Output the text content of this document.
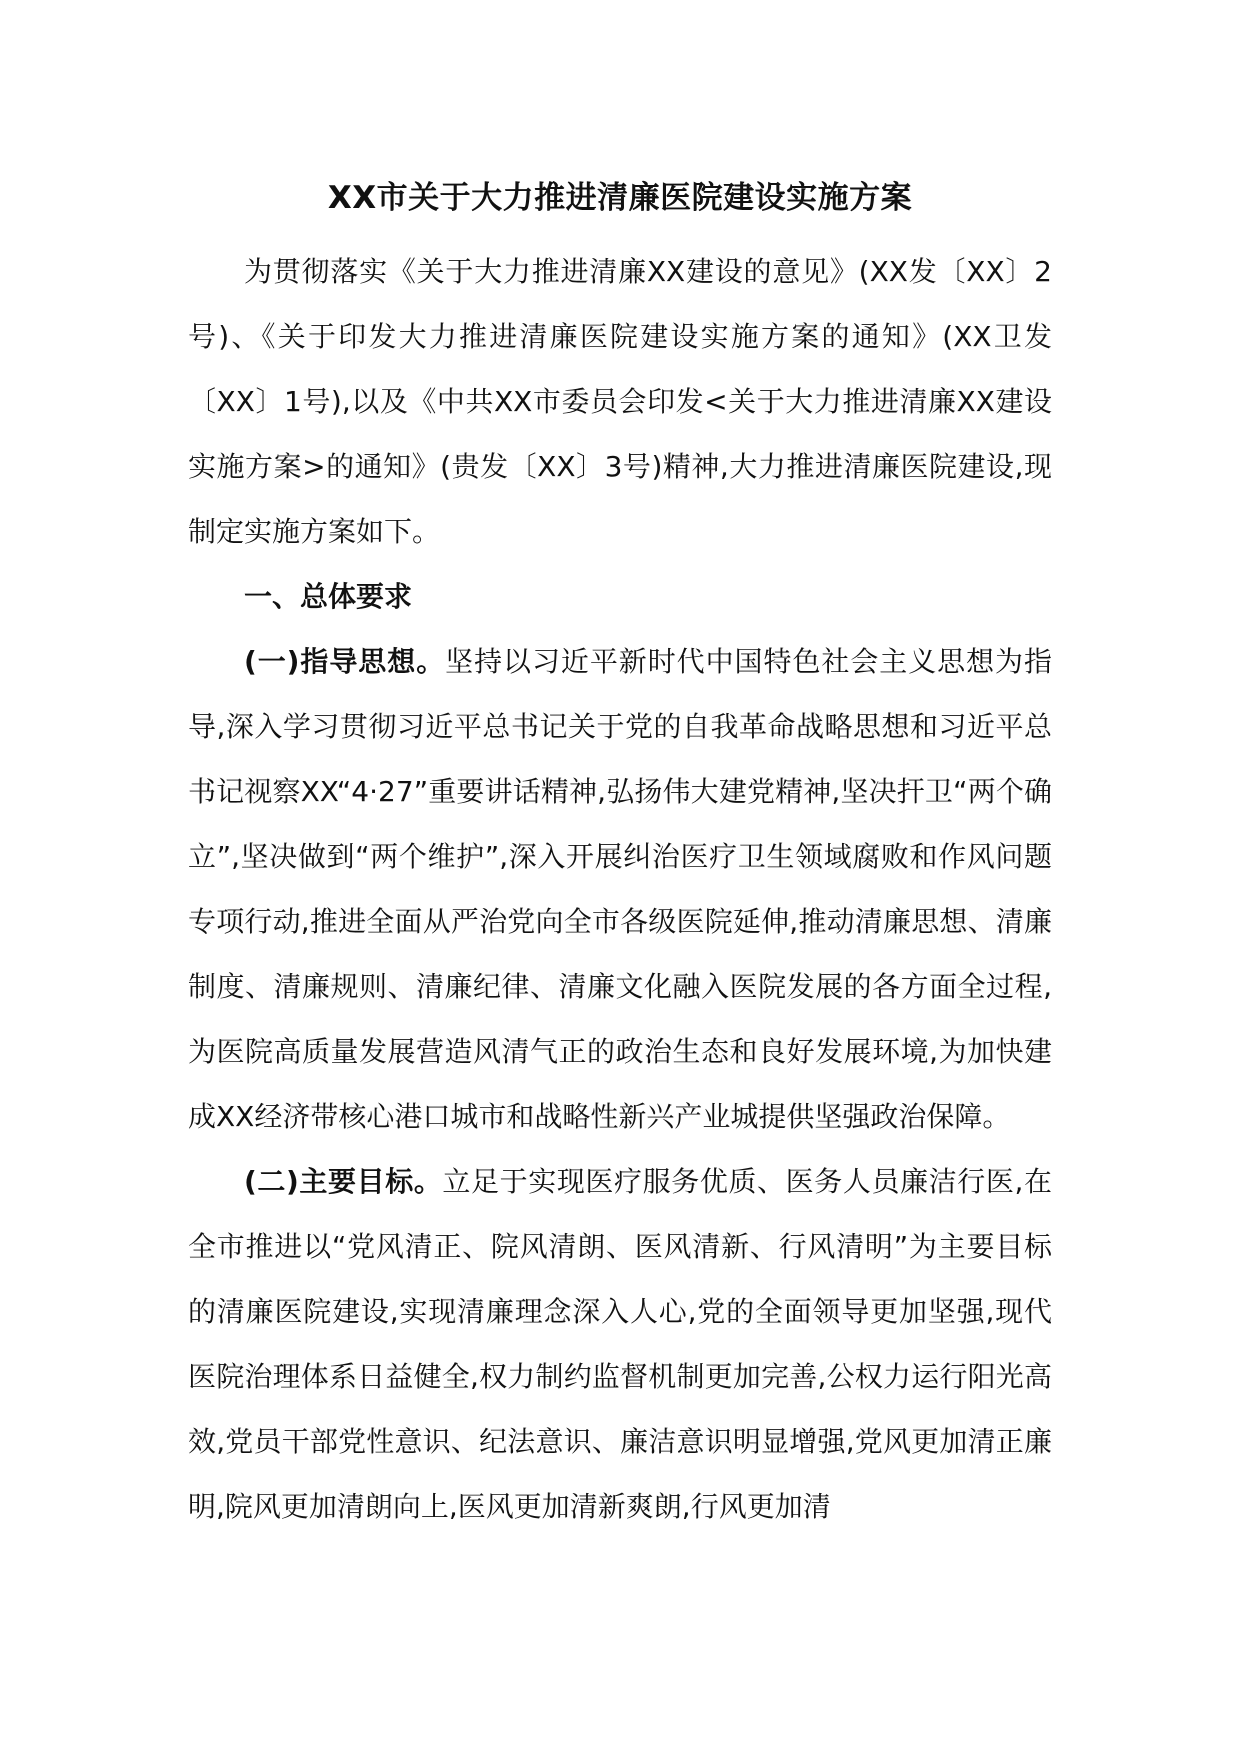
XX市关于大力推进清廉医院建设实施方案

为贯彻落实《关于大力推进清廉XX建设的意见》(XX发〔XX〕2号)、《关于印发大力推进清廉医院建设实施方案的通知》(XX卫发〔XX〕1号),以及《中共XX市委员会印发<关于大力推进清廉XX建设实施方案>的通知》(贵发〔XX〕3号)精神,大力推进清廉医院建设,现制定实施方案如下。

一、总体要求

(一)指导思想。坚持以习近平新时代中国特色社会主义思想为指导,深入学习贯彻习近平总书记关于党的自我革命战略思想和习近平总书记视察XX“4·27”重要讲话精神,弘扬伟大建党精神,坚决扞卫“两个确立”,坚决做到“两个维护”,深入开展纠治医疗卫生领域腐败和作风问题专项行动,推进全面从严治党向全市各级医院延伸,推动清廉思想、清廉制度、清廉规则、清廉纪律、清廉文化融入医院发展的各方面全过程,为医院高质量发展营造风清气正的政治生态和良好发展环境,为加快建成XX经济带核心港口城市和战略性新兴产业城提供坚强政治保障。

(二)主要目标。立足于实现医疗服务优质、医务人员廉洁行医,在全市推进以“党风清正、院风清朗、医风清新、行风清明”为主要目标的清廉医院建设,实现清廉理念深入人心,党的全面领导更加坚强,现代医院治理体系日益健全,权力制约监督机制更加完善,公权力运行阳光高效,党员干部党性意识、纪法意识、廉洁意识明显增强,党风更加清正廉明,院风更加清朗向上,医风更加清新爽朗,行风更加清
